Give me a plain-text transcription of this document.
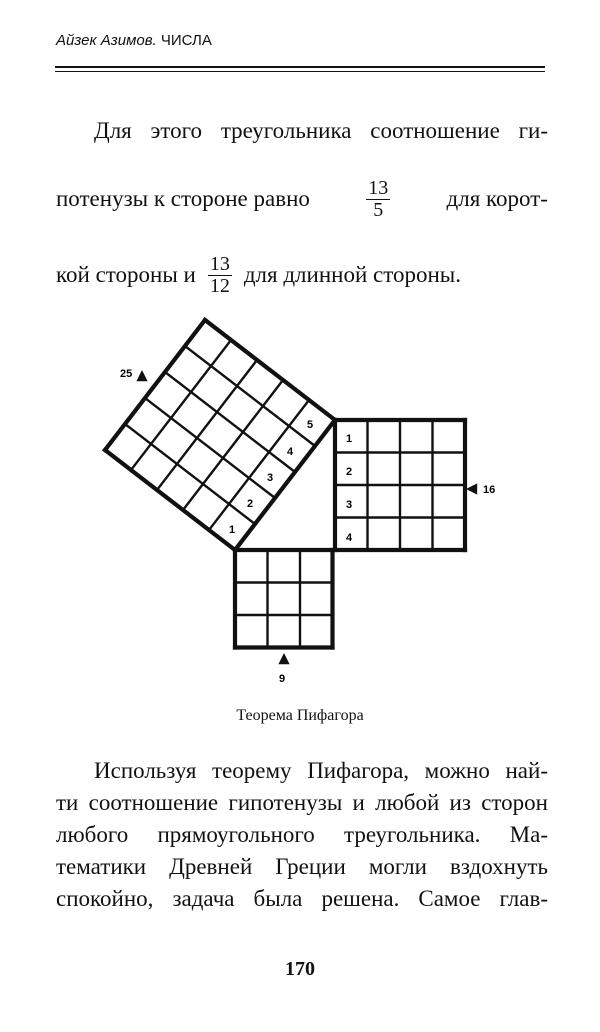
Айзек Азимов. ЧИСЛА
Для этого треугольника соотношение ги-
потенузы к стороне равно	$\frac{13}{5}$ для корот-
кой стороны и $\frac{13}{12}$ для длинной стороны.
25
16
9
1
2
3
4
1
2
3
4
5
Теорема Пифагора
Используя теорему Пифагора, можно най-
ти соотношение гипотенузы и любой из сторон
любого прямоугольного треугольника. Ма-
тематики Древней Греции могли вздохнуть
спокойно, задача была решена. Самое глав-
170
